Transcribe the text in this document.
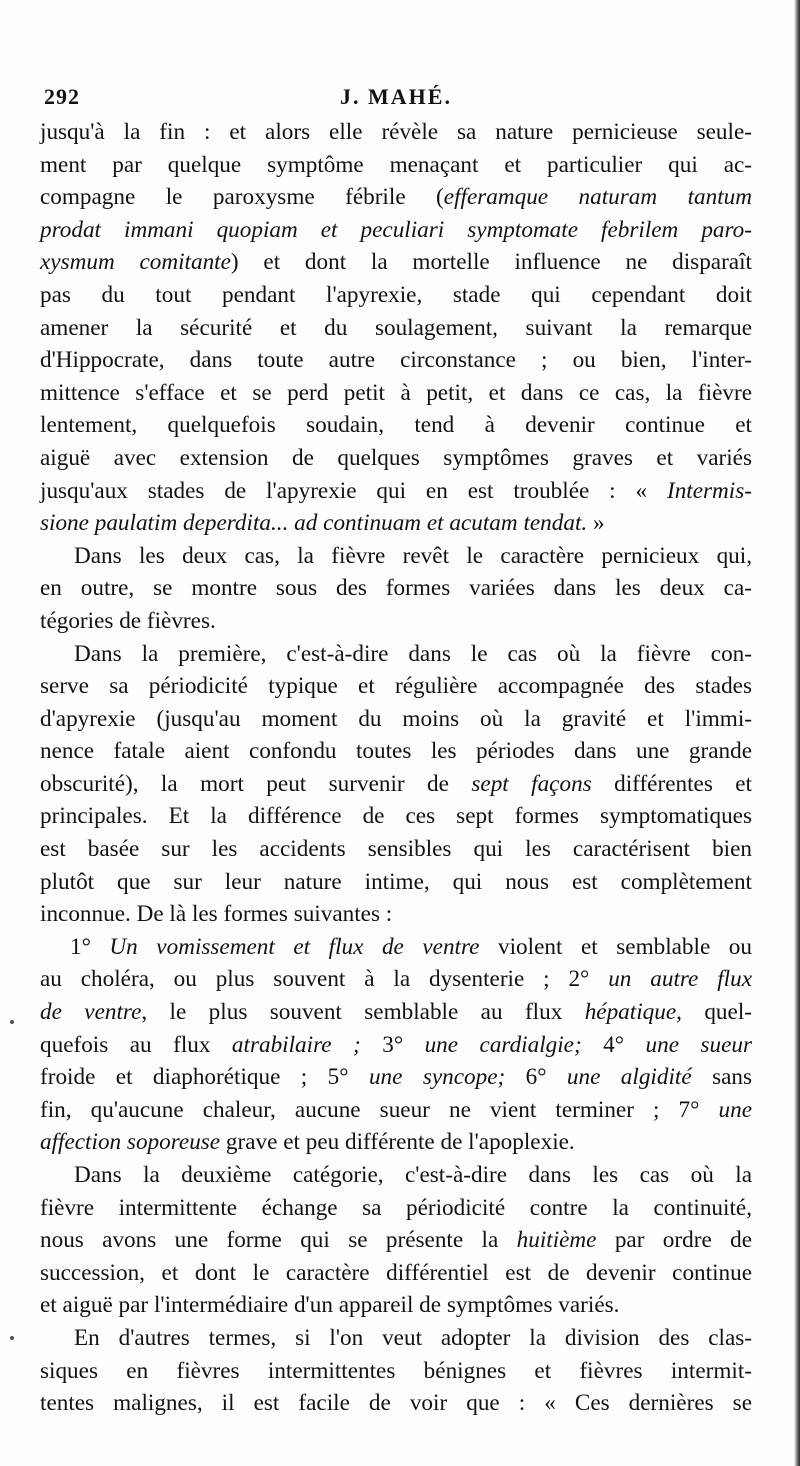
292	J. MAHÉ.
jusqu'à la fin : et alors elle révèle sa nature pernicieuse seule-
ment par quelque symptôme menaçant et particulier qui ac-
compagne le paroxysme fébrile (efferamque naturam tantum
prodat immani quopiam et peculiari symptomate febrilem paro-
xysmum comitante) et dont la mortelle influence ne disparaît
pas du tout pendant l'apyrexie, stade qui cependant doit
amener la sécurité et du soulagement, suivant la remarque
d'Hippocrate, dans toute autre circonstance ; ou bien, l'inter-
mittence s'efface et se perd petit à petit, et dans ce cas, la fièvre
lentement, quelquefois soudain, tend à devenir continue et
aiguë avec extension de quelques symptômes graves et variés
jusqu'aux stades de l'apyrexie qui en est troublée : « Intermis-
sione paulatim deperdita... ad continuam et acutam tendat. »
Dans les deux cas, la fièvre revêt le caractère pernicieux qui,
en outre, se montre sous des formes variées dans les deux ca-
tégories de fièvres.
Dans la première, c'est-à-dire dans le cas où la fièvre con-
serve sa périodicité typique et régulière accompagnée des stades
d'apyrexie (jusqu'au moment du moins où la gravité et l'immi-
nence fatale aient confondu toutes les périodes dans une grande
obscurité), la mort peut survenir de sept façons différentes et
principales. Et la différence de ces sept formes symptomatiques
est basée sur les accidents sensibles qui les caractérisent bien
plutôt que sur leur nature intime, qui nous est complètement
inconnue. De là les formes suivantes :
1° Un vomissement et flux de ventre violent et semblable ou
au choléra, ou plus souvent à la dysenterie ; 2° un autre flux
de ventre, le plus souvent semblable au flux hépatique, quel-
quefois au flux atrabilaire ; 3° une cardialgie; 4° une sueur
froide et diaphorétique ; 5° une syncope; 6° une algidité sans
fin, qu'aucune chaleur, aucune sueur ne vient terminer ; 7° une
affection soporeuse grave et peu différente de l'apoplexie.
Dans la deuxième catégorie, c'est-à-dire dans les cas où la
fièvre intermittente échange sa périodicité contre la continuité,
nous avons une forme qui se présente la huitième par ordre de
succession, et dont le caractère différentiel est de devenir continue
et aiguë par l'intermédiaire d'un appareil de symptômes variés.
En d'autres termes, si l'on veut adopter la division des clas-
siques en fièvres intermittentes bénignes et fièvres intermit-
tentes malignes, il est facile de voir que : « Ces dernières se
